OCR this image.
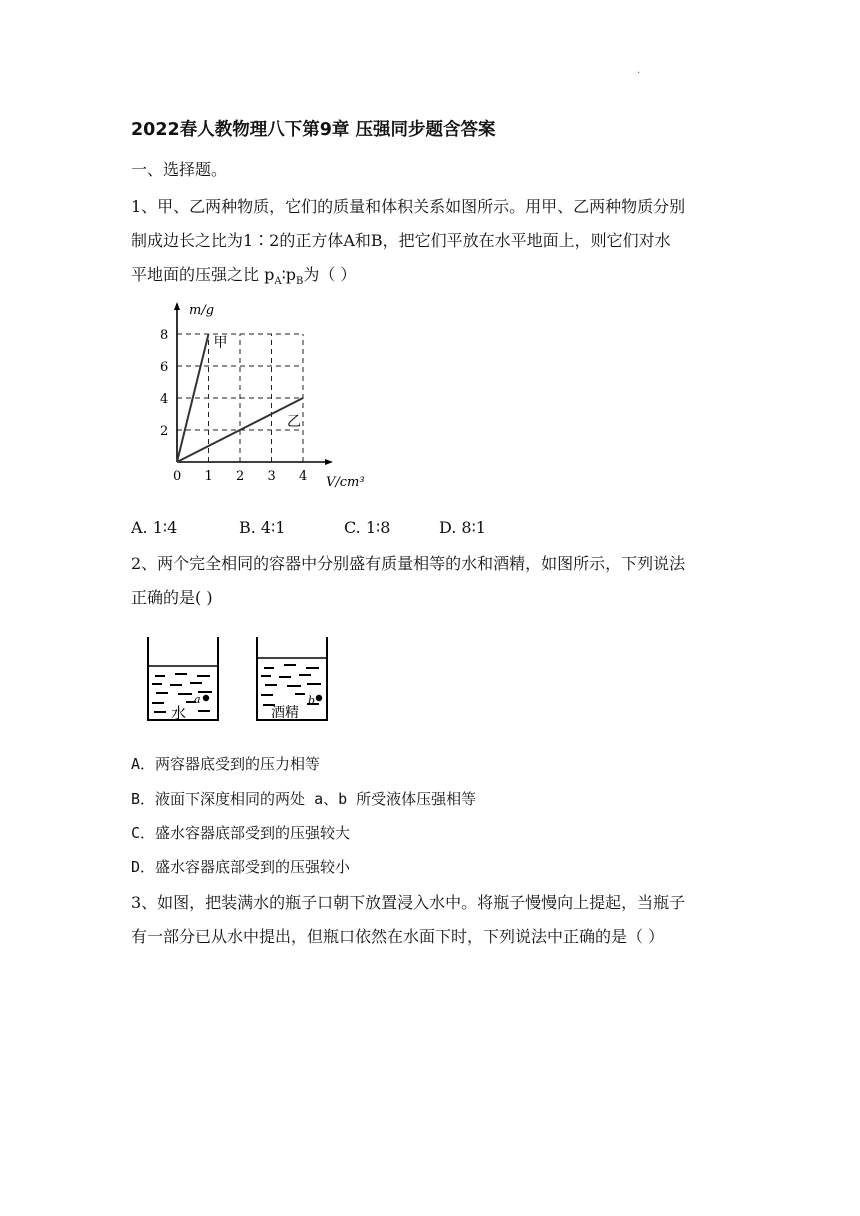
·
2022春人教物理八下第9章 压强同步题含答案
一、选择题。
1、甲、乙两种物质，它们的质量和体积关系如图所示。用甲、乙两种物质分别
制成边长之比为1∶2的正方体A和B，把它们平放在水平地面上，则它们对水
平地面的压强之比 $p_A∶p_B$为（ ）
0 1 2 3 4
2
4
6
8
m/g
V/cm³
甲
乙
A. 1∶4	B. 4∶1	C. 1∶8	D. 8∶1
2、两个完全相同的容器中分别盛有质量相等的水和酒精，如图所示，下列说法
正确的是( )
水
a
酒精
b
A．两容器底受到的压力相等
B．液面下深度相同的两处 a、b 所受液体压强相等
C．盛水容器底部受到的压强较大
D．盛水容器底部受到的压强较小
3、如图，把装满水的瓶子口朝下放置浸入水中。将瓶子慢慢向上提起，当瓶子
有一部分已从水中提出，但瓶口依然在水面下时，下列说法中正确的是（ ）
